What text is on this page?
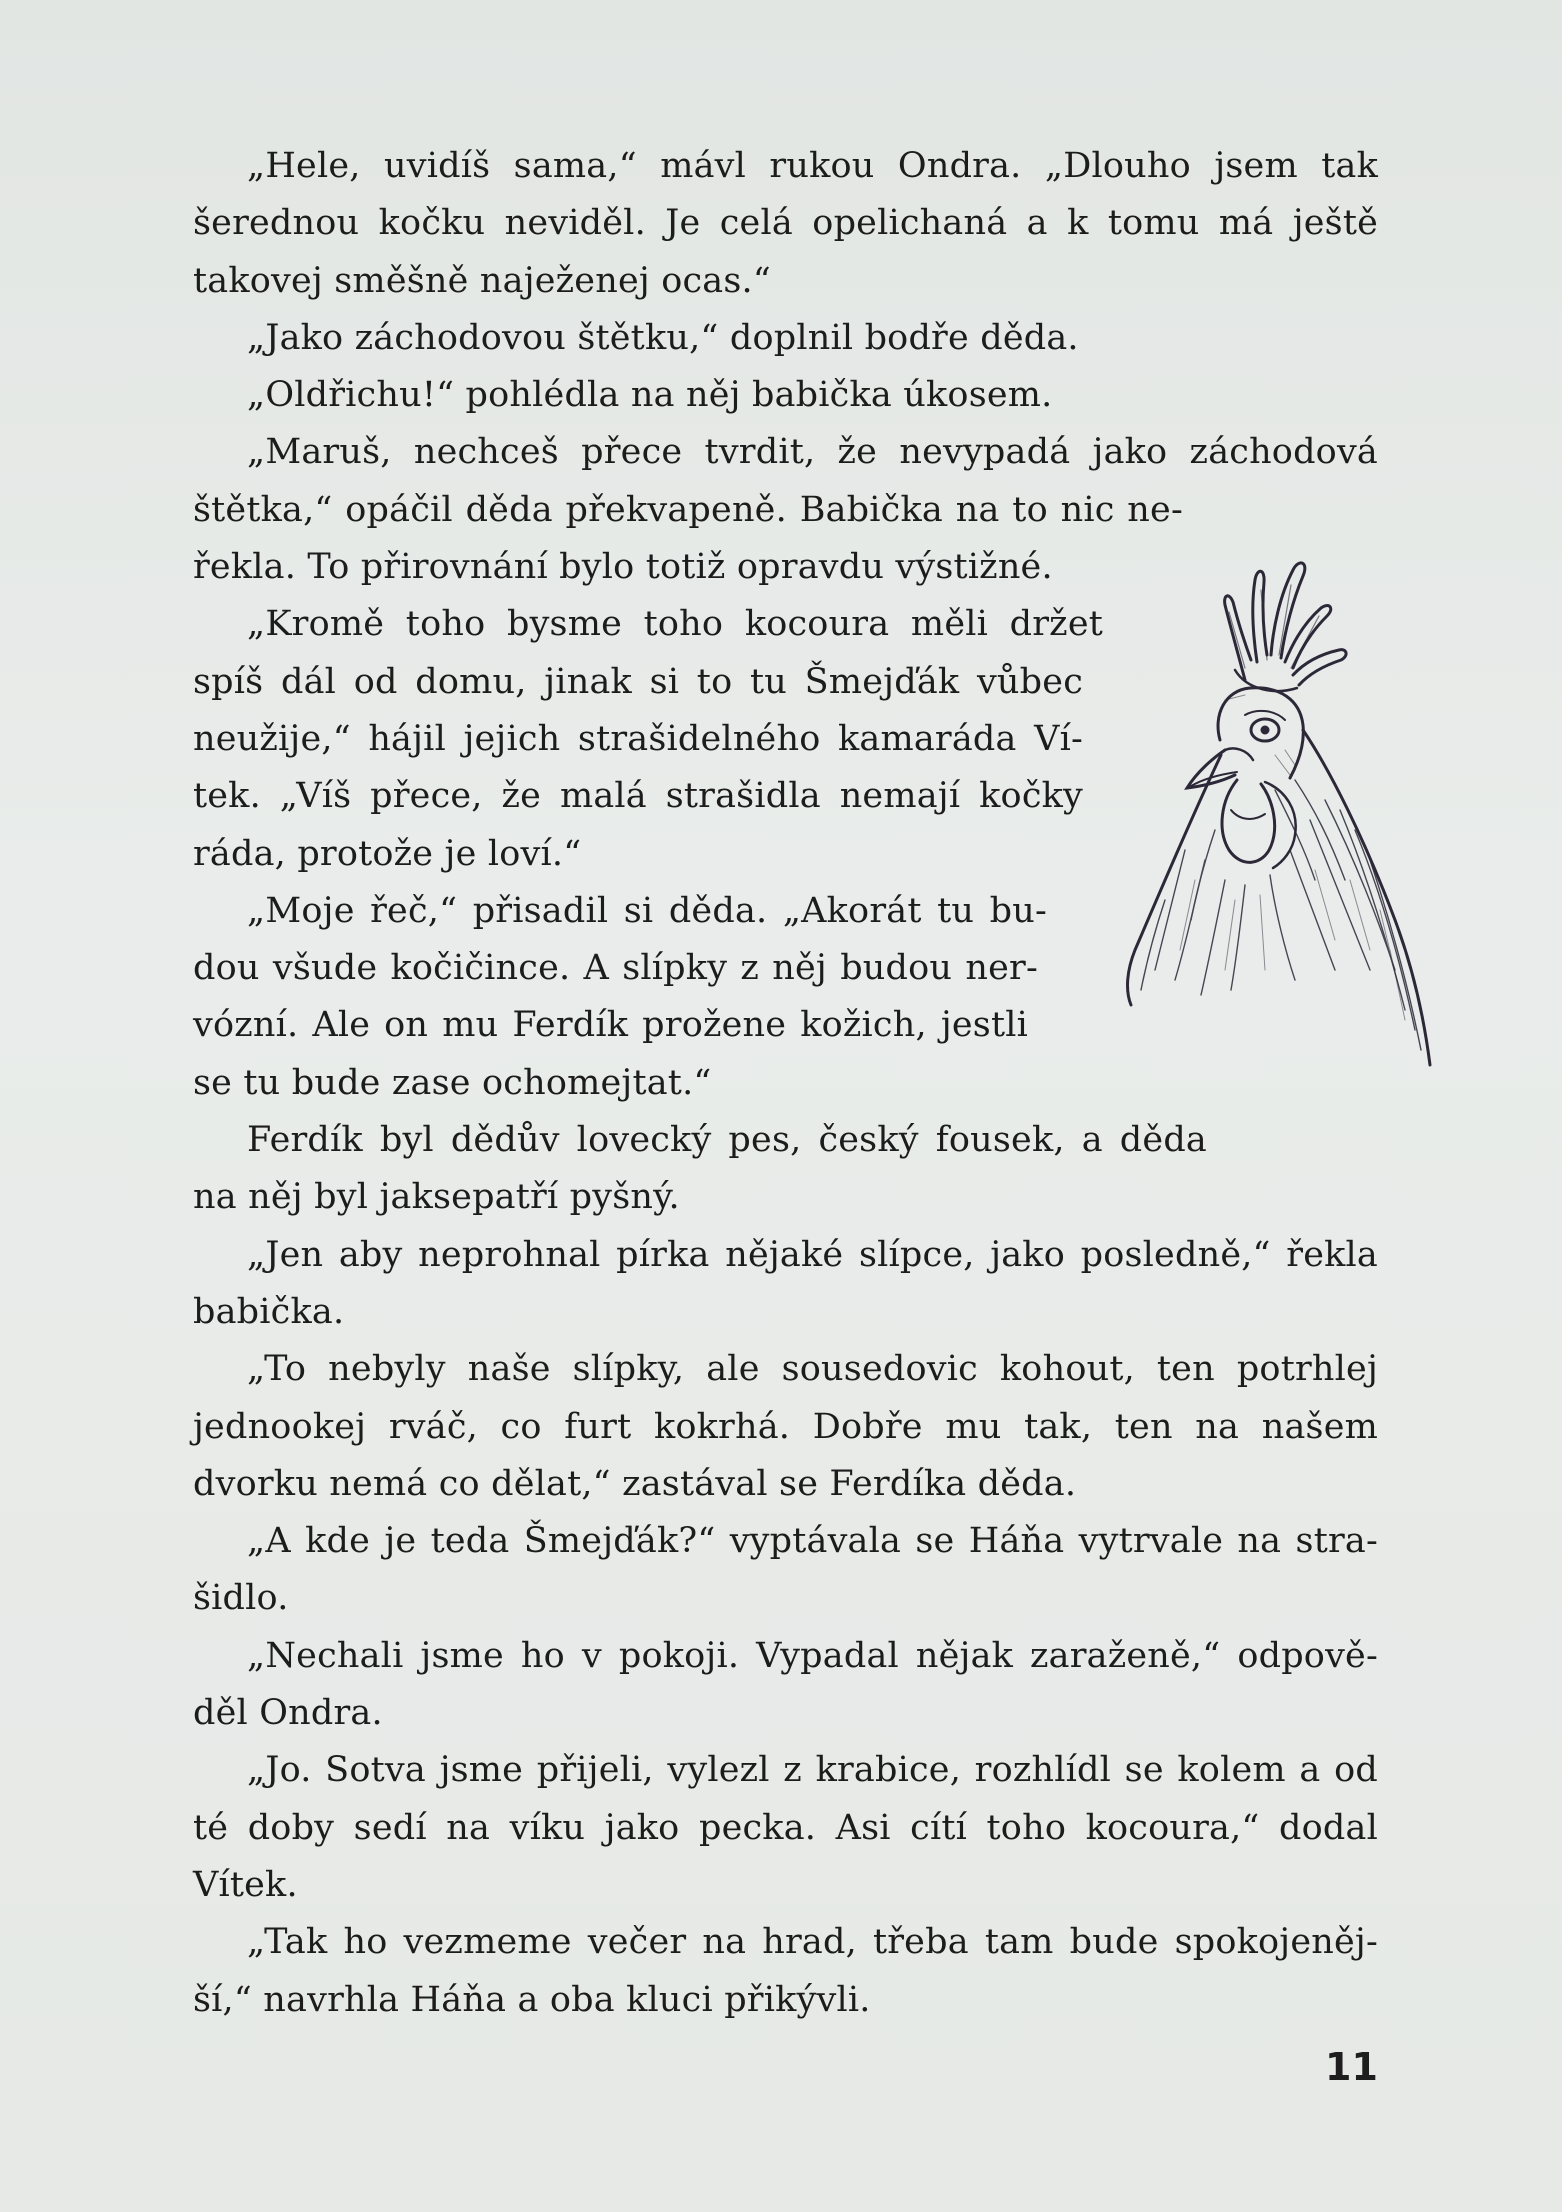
„Hele, uvidíš sama,“ mávl rukou Ondra. „Dlouho jsem tak
šerednou kočku neviděl. Je celá opelichaná a k tomu má ještě
takovej směšně naježenej ocas.“
„Jako záchodovou štětku,“ doplnil bodře děda.
„Oldřichu!“ pohlédla na něj babička úkosem.
„Maruš, nechceš přece tvrdit, že nevypadá jako záchodová
štětka,“ opáčil děda překvapeně. Babička na to nic ne-
řekla. To přirovnání bylo totiž opravdu výstižné.
„Kromě toho bysme toho kocoura měli držet
spíš dál od domu, jinak si to tu Šmejďák vůbec
neužije,“ hájil jejich strašidelného kamaráda Ví-
tek. „Víš přece, že malá strašidla nemají kočky
ráda, protože je loví.“
„Moje řeč,“ přisadil si děda. „Akorát tu bu-
dou všude kočičince. A slípky z něj budou ner-
vózní. Ale on mu Ferdík prožene kožich, jestli
se tu bude zase ochomejtat.“
Ferdík byl dědův lovecký pes, český fousek, a děda
na něj byl jaksepatří pyšný.
„Jen aby neprohnal pírka nějaké slípce, jako posledně,“ řekla
babička.
„To nebyly naše slípky, ale sousedovic kohout, ten potrhlej
jednookej rváč, co furt kokrhá. Dobře mu tak, ten na našem
dvorku nemá co dělat,“ zastával se Ferdíka děda.
„A kde je teda Šmejďák?“ vyptávala se Háňa vytrvale na stra-
šidlo.
„Nechali jsme ho v pokoji. Vypadal nějak zaraženě,“ odpově-
děl Ondra.
„Jo. Sotva jsme přijeli, vylezl z krabice, rozhlídl se kolem a od
té doby sedí na víku jako pecka. Asi cítí toho kocoura,“ dodal
Vítek.
„Tak ho vezmeme večer na hrad, třeba tam bude spokojeněj-
ší,“ navrhla Háňa a oba kluci přikývli.
11
